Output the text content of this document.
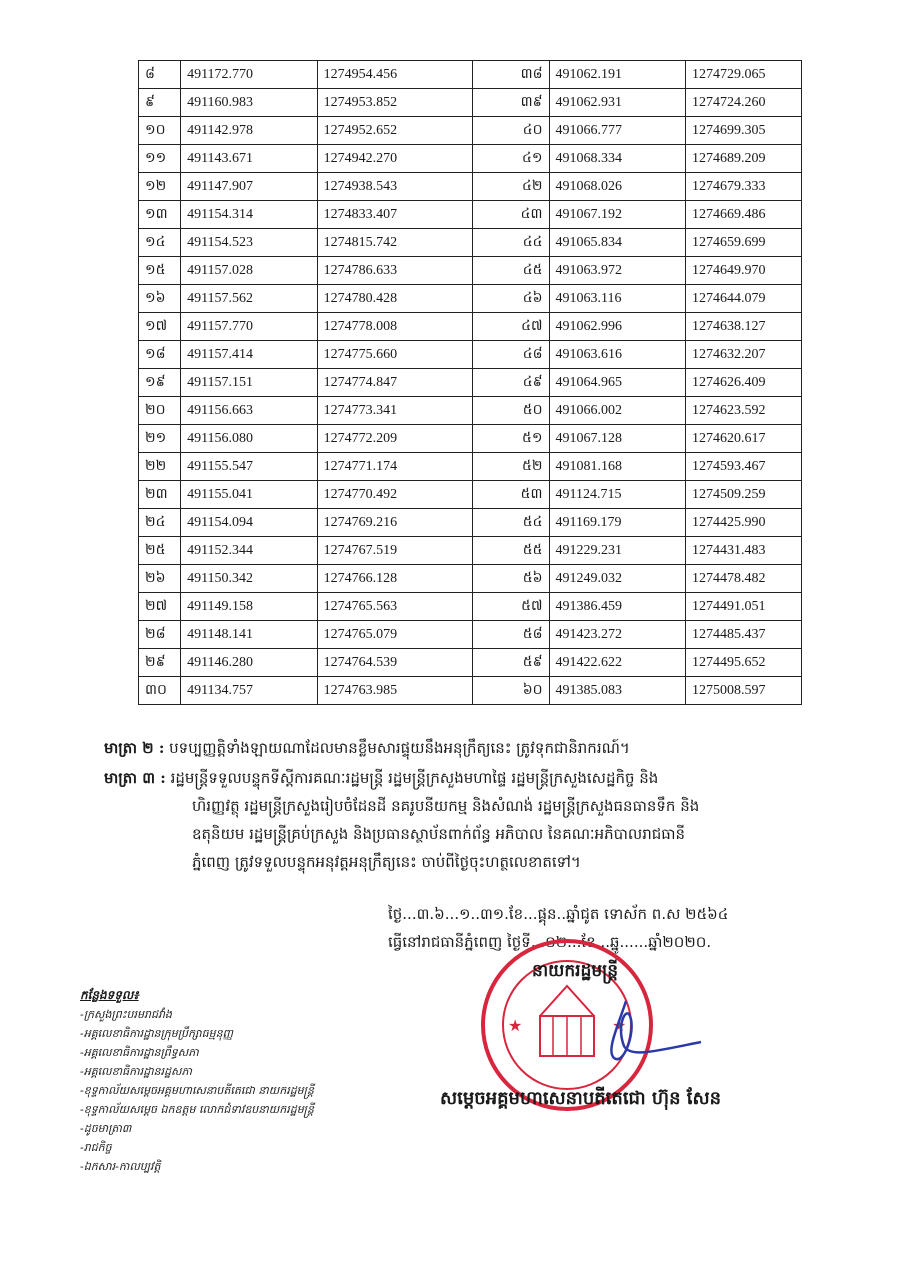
៨	491172.770	1274954.456	៣៨	491062.191	1274729.065
៩	491160.983	1274953.852	៣៩	491062.931	1274724.260
១០	491142.978	1274952.652	៤០	491066.777	1274699.305
១១	491143.671	1274942.270	៤១	491068.334	1274689.209
១២	491147.907	1274938.543	៤២	491068.026	1274679.333
១៣	491154.314	1274833.407	៤៣	491067.192	1274669.486
១៤	491154.523	1274815.742	៤៤	491065.834	1274659.699
១៥	491157.028	1274786.633	៤៥	491063.972	1274649.970
១៦	491157.562	1274780.428	៤៦	491063.116	1274644.079
១៧	491157.770	1274778.008	៤៧	491062.996	1274638.127
១៨	491157.414	1274775.660	៤៨	491063.616	1274632.207
១៩	491157.151	1274774.847	៤៩	491064.965	1274626.409
២០	491156.663	1274773.341	៥០	491066.002	1274623.592
២១	491156.080	1274772.209	៥១	491067.128	1274620.617
២២	491155.547	1274771.174	៥២	491081.168	1274593.467
២៣	491155.041	1274770.492	៥៣	491124.715	1274509.259
២៤	491154.094	1274769.216	៥៤	491169.179	1274425.990
២៥	491152.344	1274767.519	៥៥	491229.231	1274431.483
២៦	491150.342	1274766.128	៥៦	491249.032	1274478.482
២៧	491149.158	1274765.563	៥៧	491386.459	1274491.051
២៨	491148.141	1274765.079	៥៨	491423.272	1274485.437
២៩	491146.280	1274764.539	៥៩	491422.622	1274495.652
៣០	491134.757	1274763.985	៦០	491385.083	1275008.597
មាត្រា ២ : បទប្បញ្ញត្តិទាំងឡាយណាដែលមានខ្លឹមសារផ្ទុយនឹងអនុក្រឹត្យនេះ ត្រូវទុកជានិរាករណ៍។
មាត្រា ៣ : រដ្ឋមន្ត្រីទទួលបន្ទុកទីស្តីការគណៈរដ្ឋមន្ត្រី រដ្ឋមន្ត្រីក្រសួងមហាផ្ទៃ រដ្ឋមន្ត្រីក្រសួងសេដ្ឋកិច្ច និង
ហិរញ្ញវត្ថុ រដ្ឋមន្ត្រីក្រសួងរៀបចំដែនដី នគរូបនីយកម្ម និងសំណង់ រដ្ឋមន្ត្រីក្រសួងធនធានទឹក និង
ឧតុនិយម រដ្ឋមន្ត្រីគ្រប់ក្រសួង និងប្រធានស្ថាប័នពាក់ព័ន្ធ អភិបាល នៃគណៈអភិបាលរាជធានី
ភ្នំពេញ ត្រូវទទួលបន្ទុកអនុវត្តអនុក្រឹត្យនេះ ចាប់ពីថ្ងៃចុះហត្ថលេខាតទៅ។
ថ្ងៃ...៣.៦...១..៣១.ខែ...ផ្គុន..ឆ្នាំជូត ទោស័ក ព.ស ២៥៦៤
ធ្វើនៅរាជធានីភ្នំពេញ ថ្ងៃទី...០២...ខែ...ឆ្នូ......ឆ្នាំ២០២០.
★	★
នាយករដ្ឋមន្ត្រី
សម្តេចអគ្គមហាសេនាបតីតេជោ ហ៊ុន សែន
កន្លែងទទួល៖
-ក្រសួងព្រះបរមរាជវាំង
-អគ្គលេខាធិការដ្ឋានក្រុមប្រឹក្សាធម្មនុញ្ញ
-អគ្គលេខាធិការដ្ឋានព្រឹទ្ធសភា
-អគ្គលេខាធិការដ្ឋានរដ្ឋសភា
-ខុទ្ទកាល័យសម្តេចអគ្គមហាសេនាបតីតេជោ នាយករដ្ឋមន្ត្រី
-ខុទ្ទកាល័យសម្តេច ឯកឧត្តម លោកជំទាវឧបនាយករដ្ឋមន្ត្រី
-ដូចមាត្រា៣
-រាជកិច្ច
-ឯកសារ-កាលប្បវត្តិ
